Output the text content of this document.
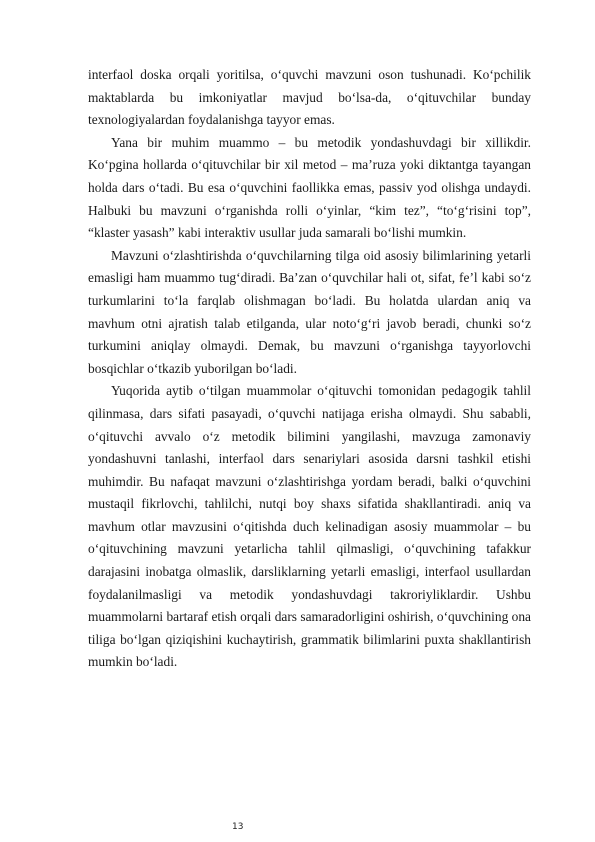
interfaol doska orqali yoritilsa, o‘quvchi mavzuni oson tushunadi. Ko‘pchilik maktablarda bu imkoniyatlar mavjud bo‘lsa-da, o‘qituvchilar bunday texnologiyalardan foydalanishga tayyor emas.

Yana bir muhim muammo – bu metodik yondashuvdagi bir xillikdir. Ko‘pgina hollarda o‘qituvchilar bir xil metod – ma’ruza yoki diktantga tayangan holda dars o‘tadi. Bu esa o‘quvchini faollikka emas, passiv yod olishga undaydi. Halbuki bu mavzuni o‘rganishda rolli o‘yinlar, “kim tez”, “to‘g‘risini top”, “klaster yasash” kabi interaktiv usullar juda samarali bo‘lishi mumkin.

Mavzuni o‘zlashtirishda o‘quvchilarning tilga oid asosiy bilimlarining yetarli emasligi ham muammo tug‘diradi. Ba’zan o‘quvchilar hali ot, sifat, fe’l kabi so‘z turkumlarini to‘la farqlab olishmagan bo‘ladi. Bu holatda ulardan aniq va mavhum otni ajratish talab etilganda, ular noto‘g‘ri javob beradi, chunki so‘z turkumini aniqlay olmaydi. Demak, bu mavzuni o‘rganishga tayyorlovchi bosqichlar o‘tkazib yuborilgan bo‘ladi.

Yuqorida aytib o‘tilgan muammolar o‘qituvchi tomonidan pedagogik tahlil qilinmasa, dars sifati pasayadi, o‘quvchi natijaga erisha olmaydi. Shu sababli, o‘qituvchi avvalo o‘z metodik bilimini yangilashi, mavzuga zamonaviy yondashuvni tanlashi, interfaol dars senariylari asosida darsni tashkil etishi muhimdir. Bu nafaqat mavzuni o‘zlashtirishga yordam beradi, balki o‘quvchini mustaqil fikrlovchi, tahlilchi, nutqi boy shaxs sifatida shakllantiradi. aniq va mavhum otlar mavzusini o‘qitishda duch kelinadigan asosiy muammolar – bu o‘qituvchining mavzuni yetarlicha tahlil qilmasligi, o‘quvchining tafakkur darajasini inobatga olmaslik, darsliklarning yetarli emasligi, interfaol usullardan foydalanilmasligi va metodik yondashuvdagi takroriyliklardir. Ushbu muammolarni bartaraf etish orqali dars samaradorligini oshirish, o‘quvchining ona tiliga bo‘lgan qiziqishini kuchaytirish, grammatik bilimlarini puxta shakllantirish mumkin bo‘ladi.

13
